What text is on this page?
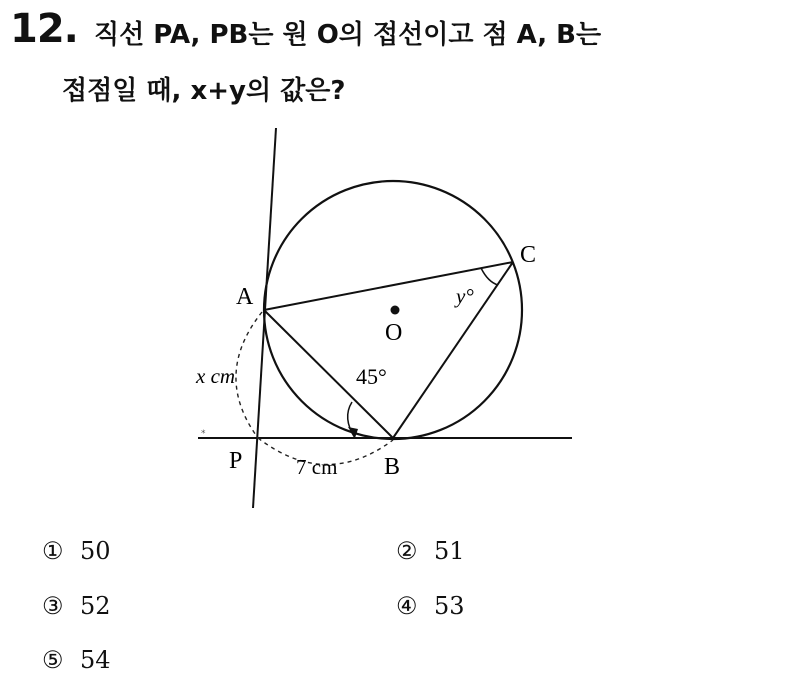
12. 직선 PA, PB는 원 O의 접선이고 점 A, B는
접점일 때, x+y의 값은?
*
A
B
C
P
O
x cm
7 cm
45°
y°
① 50	② 51
③ 52	④ 53
⑤ 54
